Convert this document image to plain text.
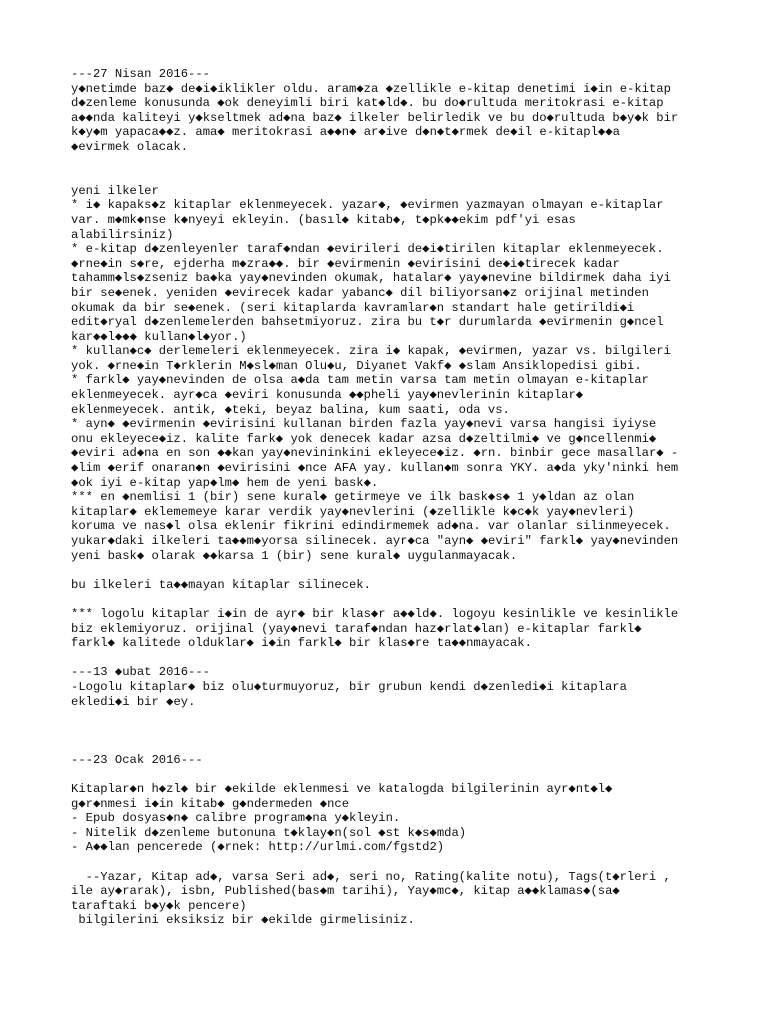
---27 Nisan 2016---
y◆netimde baz◆ de◆i◆iklikler oldu. aram◆za ◆zellikle e-kitap denetimi i◆in e-kitap
d◆zenleme konusunda ◆ok deneyimli biri kat◆ld◆. bu do◆rultuda meritokrasi e-kitap
a◆◆nda kaliteyi y◆kseltmek ad◆na baz◆ ilkeler belirledik ve bu do◆rultuda b◆y◆k bir
k◆y◆m yapaca◆◆z. ama◆ meritokrasi a◆◆n◆ ar◆ive d◆n◆t◆rmek de◆il e-kitapl◆◆a
◆evirmek olacak.
yeni ilkeler
* i◆ kapaks◆z kitaplar eklenmeyecek. yazar◆, ◆evirmen yazmayan olmayan e-kitaplar
var. m◆mk◆nse k◆nyeyi ekleyin. (basıl◆ kitab◆, t◆pk◆◆ekim pdf'yi esas
alabilirsiniz)
* e-kitap d◆zenleyenler taraf◆ndan ◆evirileri de◆i◆tirilen kitaplar eklenmeyecek.
◆rne◆in s◆re, ejderha m◆zra◆◆. bir ◆evirmenin ◆evirisini de◆i◆tirecek kadar
tahamm◆ls◆zseniz ba◆ka yay◆nevinden okumak, hatalar◆ yay◆nevine bildirmek daha iyi
bir se◆enek. yeniden ◆evirecek kadar yabanc◆ dil biliyorsan◆z orijinal metinden
okumak da bir se◆enek. (seri kitaplarda kavramlar◆n standart hale getirildi◆i
edit◆ryal d◆zenlemelerden bahsetmiyoruz. zira bu t◆r durumlarda ◆evirmenin g◆ncel
kar◆◆l◆◆◆ kullan◆l◆yor.)
* kullan◆c◆ derlemeleri eklenmeyecek. zira i◆ kapak, ◆evirmen, yazar vs. bilgileri
yok. ◆rne◆in T◆rklerin M◆sl◆man Olu◆u, Diyanet Vakf◆ ◆slam Ansiklopedisi gibi.
* farkl◆ yay◆nevinden de olsa a◆da tam metin varsa tam metin olmayan e-kitaplar
eklenmeyecek. ayr◆ca ◆eviri konusunda ◆◆pheli yay◆nevlerinin kitaplar◆
eklenmeyecek. antik, ◆teki, beyaz balina, kum saati, oda vs.
* ayn◆ ◆evirmenin ◆evirisini kullanan birden fazla yay◆nevi varsa hangisi iyiyse
onu ekleyece◆iz. kalite fark◆ yok denecek kadar azsa d◆zeltilmi◆ ve g◆ncellenmi◆
◆eviri ad◆na en son ◆◆kan yay◆nevininkini ekleyece◆iz. ◆rn. binbir gece masallar◆ -
◆lim ◆erif onaran◆n ◆evirisini ◆nce AFA yay. kullan◆m sonra YKY. a◆da yky'ninki hem
◆ok iyi e-kitap yap◆lm◆ hem de yeni bask◆.
*** en ◆nemlisi 1 (bir) sene kural◆ getirmeye ve ilk bask◆s◆ 1 y◆ldan az olan
kitaplar◆ eklememeye karar verdik yay◆nevlerini (◆zellikle k◆c◆k yay◆nevleri)
koruma ve nas◆l olsa eklenir fikrini edindirmemek ad◆na. var olanlar silinmeyecek.
yukar◆daki ilkeleri ta◆◆m◆yorsa silinecek. ayr◆ca "ayn◆ ◆eviri" farkl◆ yay◆nevinden
yeni bask◆ olarak ◆◆karsa 1 (bir) sene kural◆ uygulanmayacak.
bu ilkeleri ta◆◆mayan kitaplar silinecek.
*** logolu kitaplar i◆in de ayr◆ bir klas◆r a◆◆ld◆. logoyu kesinlikle ve kesinlikle
biz eklemiyoruz. orijinal (yay◆nevi taraf◆ndan haz◆rlat◆lan) e-kitaplar farkl◆
farkl◆ kalitede olduklar◆ i◆in farkl◆ bir klas◆re ta◆◆nmayacak.
---13 ◆ubat 2016---
-Logolu kitaplar◆ biz olu◆turmuyoruz, bir grubun kendi d◆zenledi◆i kitaplara
ekledi◆i bir ◆ey.
---23 Ocak 2016---
Kitaplar◆n h◆zl◆ bir ◆ekilde eklenmesi ve katalogda bilgilerinin ayr◆nt◆l◆
g◆r◆nmesi i◆in kitab◆ g◆ndermeden ◆nce
- Epub dosyas◆n◆ calibre program◆na y◆kleyin.
- Nitelik d◆zenleme butonuna t◆klay◆n(sol ◆st k◆s◆mda)
- A◆◆lan pencerede (◆rnek: http://urlmi.com/fgstd2)
--Yazar, Kitap ad◆, varsa Seri ad◆, seri no, Rating(kalite notu), Tags(t◆rleri ,
ile ay◆rarak), isbn, Published(bas◆m tarihi), Yay◆mc◆, kitap a◆◆klamas◆(sa◆
taraftaki b◆y◆k pencere)
bilgilerini eksiksiz bir ◆ekilde girmelisiniz.
